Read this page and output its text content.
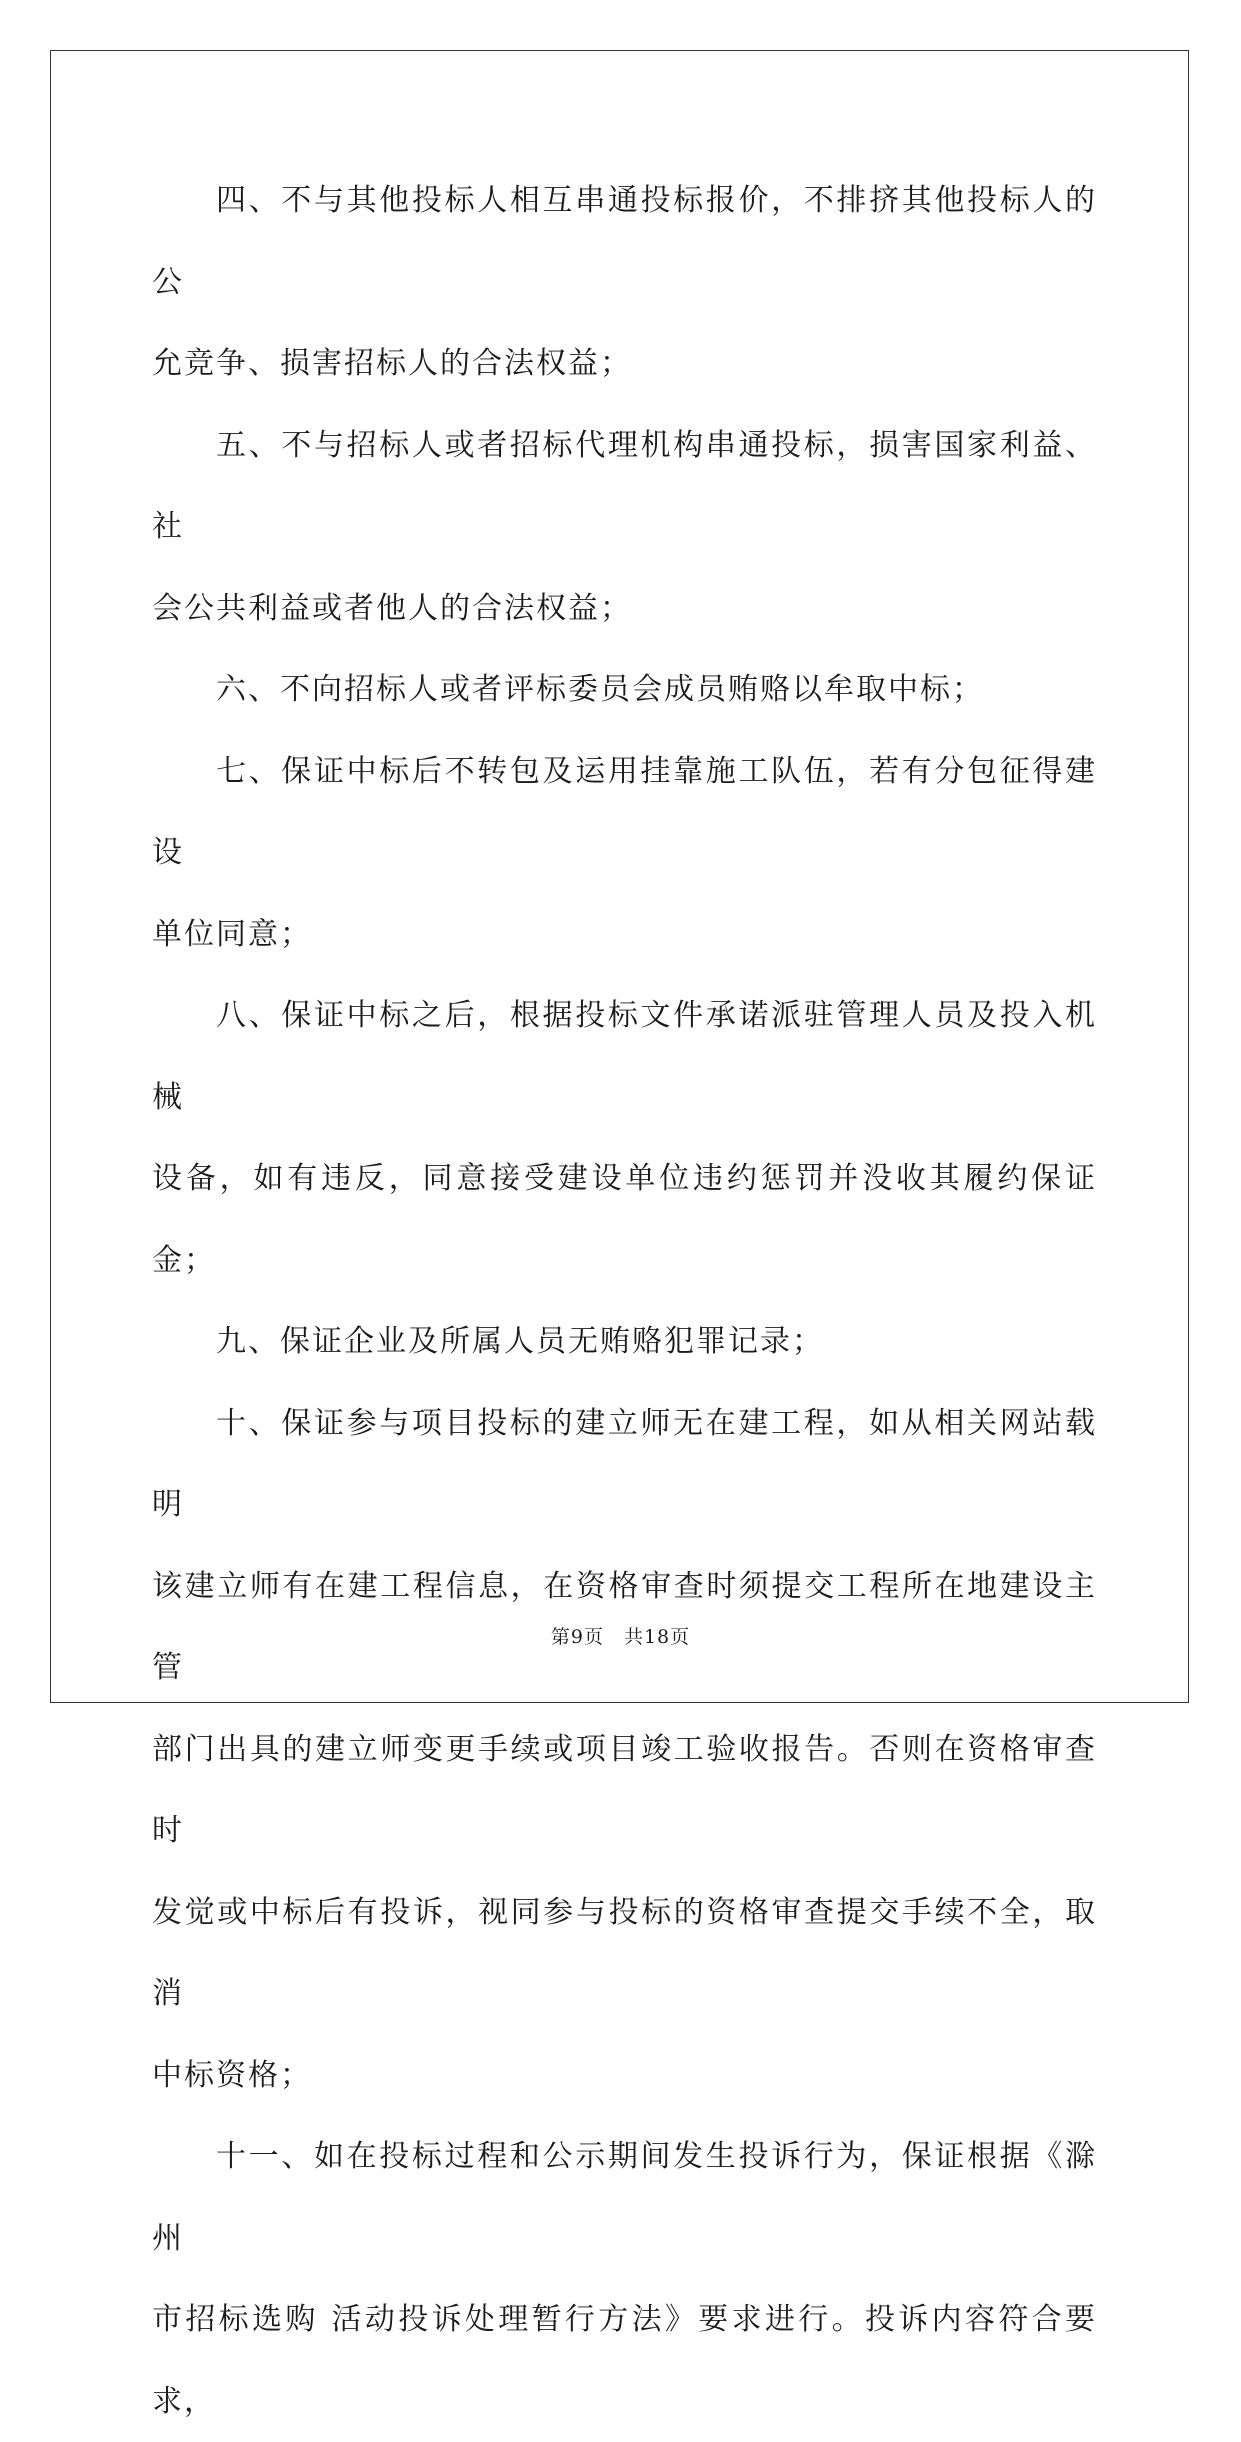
四、不与其他投标人相互串通投标报价，不排挤其他投标人的公

允竞争、损害招标人的合法权益；

五、不与招标人或者招标代理机构串通投标，损害国家利益、社

会公共利益或者他人的合法权益；

六、不向招标人或者评标委员会成员贿赂以牟取中标；

七、保证中标后不转包及运用挂靠施工队伍，若有分包征得建设

单位同意；

八、保证中标之后，根据投标文件承诺派驻管理人员及投入机械

设备，如有违反，同意接受建设单位违约惩罚并没收其履约保证金；

九、保证企业及所属人员无贿赂犯罪记录；

十、保证参与项目投标的建立师无在建工程，如从相关网站载明

该建立师有在建工程信息，在资格审查时须提交工程所在地建设主管

部门出具的建立师变更手续或项目竣工验收报告。否则在资格审查时

发觉或中标后有投诉，视同参与投标的资格审查提交手续不全，取消

中标资格；

十一、如在投标过程和公示期间发生投诉行为，保证根据《滁州

市招标选购 活动投诉处理暂行方法》要求进行。投诉内容符合要求，

第9页 共18页
